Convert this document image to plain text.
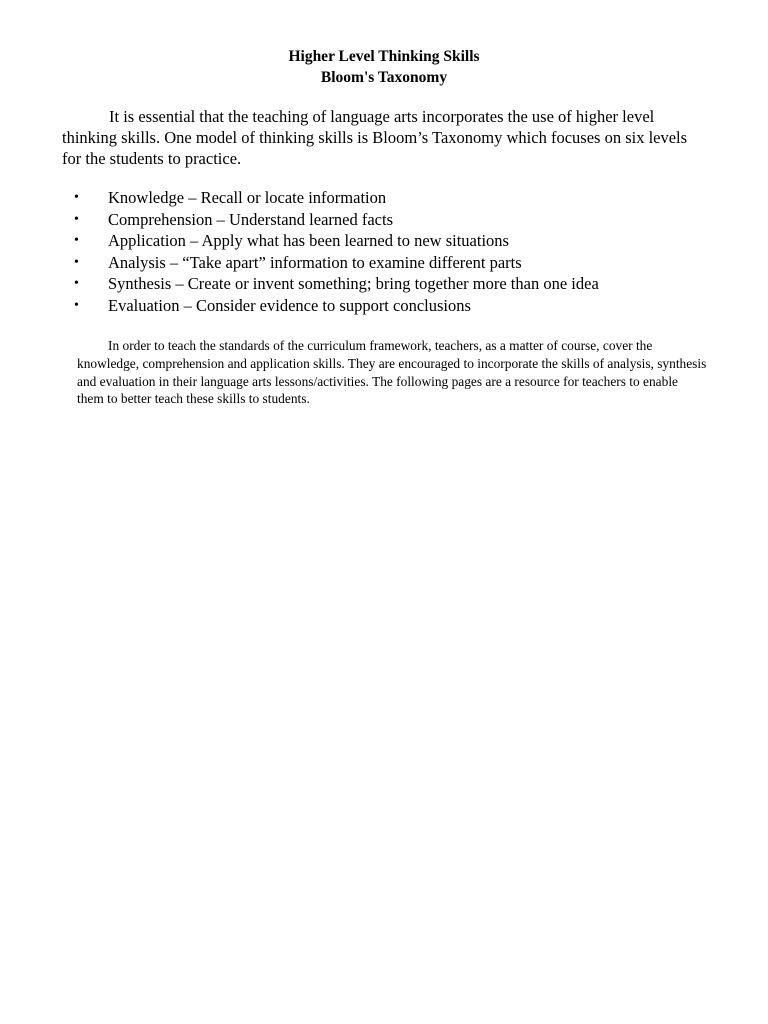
Higher Level Thinking Skills
Bloom's Taxonomy

It is essential that the teaching of language arts incorporates the use of higher level thinking skills. One model of thinking skills is Bloom’s Taxonomy which focuses on six levels for the students to practice.

• Knowledge – Recall or locate information
• Comprehension – Understand learned facts
• Application – Apply what has been learned to new situations
• Analysis – “Take apart” information to examine different parts
• Synthesis – Create or invent something; bring together more than one idea
• Evaluation – Consider evidence to support conclusions

In order to teach the standards of the curriculum framework, teachers, as a matter of course, cover the knowledge, comprehension and application skills. They are encouraged to incorporate the skills of analysis, synthesis and evaluation in their language arts lessons/activities. The following pages are a resource for teachers to enable them to better teach these skills to students.
